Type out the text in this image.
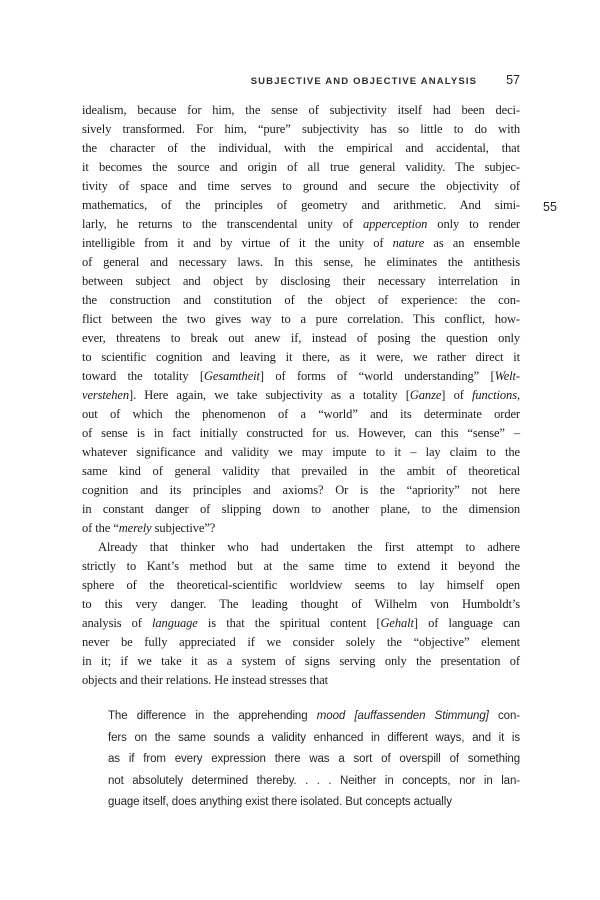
SUBJECTIVE AND OBJECTIVE ANALYSIS 57
55
idealism, because for him, the sense of subjectivity itself had been deci-
sively transformed. For him, “pure” subjectivity has so little to do with
the character of the individual, with the empirical and accidental, that
it becomes the source and origin of all true general validity. The subjec-
tivity of space and time serves to ground and secure the objectivity of
mathematics, of the principles of geometry and arithmetic. And simi-
larly, he returns to the transcendental unity of apperception only to render
intelligible from it and by virtue of it the unity of nature as an ensemble
of general and necessary laws. In this sense, he eliminates the antithesis
between subject and object by disclosing their necessary interrelation in
the construction and constitution of the object of experience: the con-
flict between the two gives way to a pure correlation. This conflict, how-
ever, threatens to break out anew if, instead of posing the question only
to scientific cognition and leaving it there, as it were, we rather direct it
toward the totality [Gesamtheit] of forms of “world understanding” [Welt-
verstehen]. Here again, we take subjectivity as a totality [Ganze] of functions,
out of which the phenomenon of a “world” and its determinate order
of sense is in fact initially constructed for us. However, can this “sense” –
whatever significance and validity we may impute to it – lay claim to the
same kind of general validity that prevailed in the ambit of theoretical
cognition and its principles and axioms? Or is the “apriority” not here
in constant danger of slipping down to another plane, to the dimension
of the “merely subjective”?
Already that thinker who had undertaken the first attempt to adhere
strictly to Kant’s method but at the same time to extend it beyond the
sphere of the theoretical-scientific worldview seems to lay himself open
to this very danger. The leading thought of Wilhelm von Humboldt’s
analysis of language is that the spiritual content [Gehalt] of language can
never be fully appreciated if we consider solely the “objective” element
in it; if we take it as a system of signs serving only the presentation of
objects and their relations. He instead stresses that
The difference in the apprehending mood [auffassenden Stimmung] con-
fers on the same sounds a validity enhanced in different ways, and it is
as if from every expression there was a sort of overspill of something
not absolutely determined thereby. . . . Neither in concepts, nor in lan-
guage itself, does anything exist there isolated. But concepts actually
